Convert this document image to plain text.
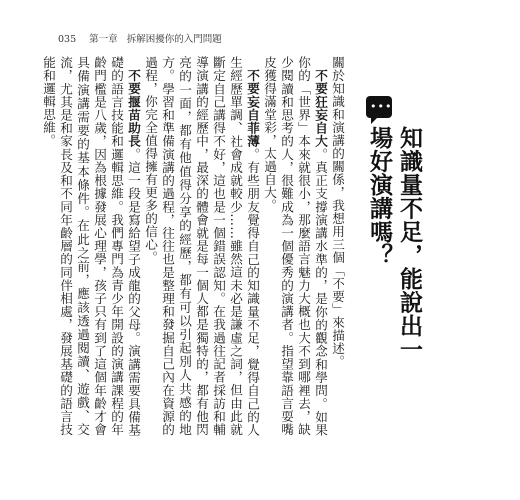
035 第一章 拆解困擾你的入門問題

關於知識和演講的關係，我想用三個「不要」來描述。

不要狂妄自大。真正支撐演講水準的，是你的觀念和學問。如果你的「世界」本來就很小，那麼語言魅力大概也大不到哪裡去，缺少閱讀和思考的人，很難成為一個優秀的演講者。指望靠語言耍嘴皮獲得滿堂彩，太過自大。

不要妄自菲薄。有些朋友覺得自己的知識量不足，覺得自己的人生經歷單調、社會成就較少……雖然這未必是謙虛之詞，但由此就斷定自己講得不好，這也是一個錯誤認知。在我過往記者採訪和輔導演講的經歷中，最深的體會就是每一個人都是獨特的，都有他閃亮的一面，都有他值得分享的經歷，都有可以引起別人共感的地方。學習和準備演講的過程，往往也是整理和發掘自己內在資源的過程，你完全值得擁有更多的信心。

不要揠苗助長。這一段是寫給望子成龍的父母。演講需要具備基礎的語言技能和邏輯思維。我們專門為青少年開設的演講課程的年齡門檻是八歲，因為根據發展心理學，孩子只有到了這個年齡才會具備演講需要的基本條件。在此之前，應該透過閱讀、遊戲、交流，尤其是和家長及和不同年齡層的同伴相處，發展基礎的語言技能和邏輯思維。	•••
知識量不足，能說出一
場好演講嗎？
